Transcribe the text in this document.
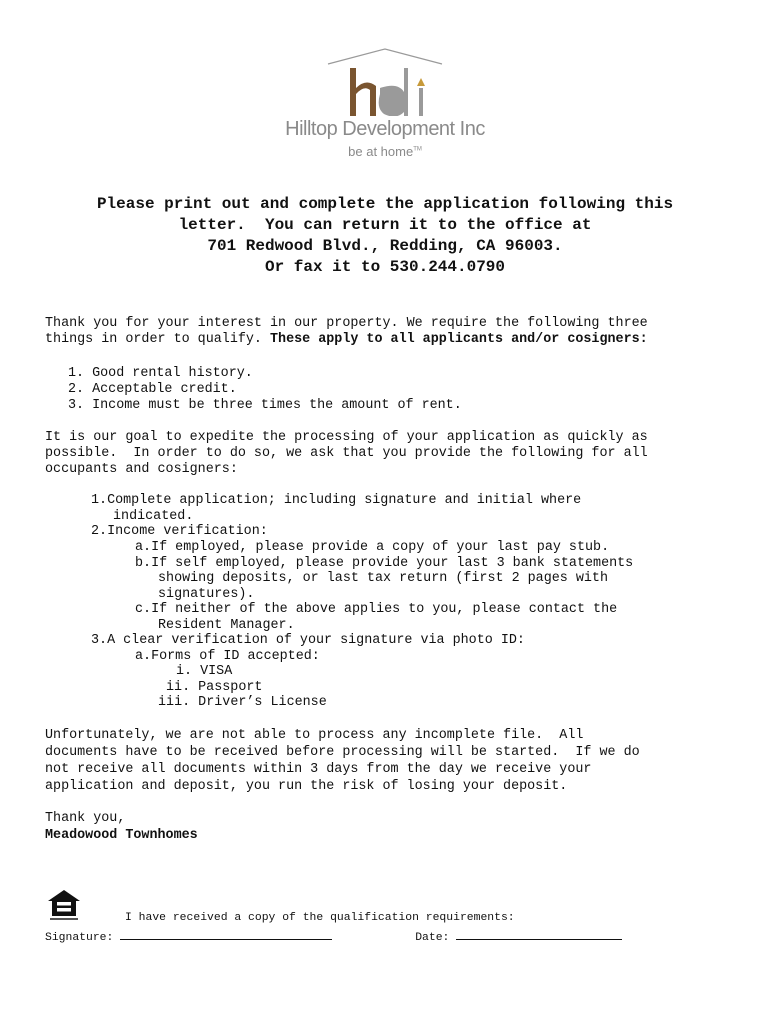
Hilltop Development Inc
be at home™
Please print out and complete the application following this
letter.  You can return it to the office at
701 Redwood Blvd., Redding, CA 96003.
Or fax it to 530.244.0790
Thank you for your interest in our property. We require the following three
things in order to qualify. These apply to all applicants and/or cosigners:
1. Good rental history.
2. Acceptable credit.
3. Income must be three times the amount of rent.
It is our goal to expedite the processing of your application as quickly as
possible.  In order to do so, we ask that you provide the following for all
occupants and cosigners:
1.Complete application; including signature and initial where
indicated.
2.Income verification:
a.If employed, please provide a copy of your last pay stub.
b.If self employed, please provide your last 3 bank statements
showing deposits, or last tax return (first 2 pages with
signatures).
c.If neither of the above applies to you, please contact the
Resident Manager.
3.A clear verification of your signature via photo ID:
a.Forms of ID accepted:
i. VISA
ii. Passport
iii. Driver’s License
Unfortunately, we are not able to process any incomplete file.  All
documents have to be received before processing will be started.  If we do
not receive all documents within 3 days from the day we receive your
application and deposit, you run the risk of losing your deposit.
Thank you,
Meadowood Townhomes
I have received a copy of the qualification requirements:
Signature:	Date:
